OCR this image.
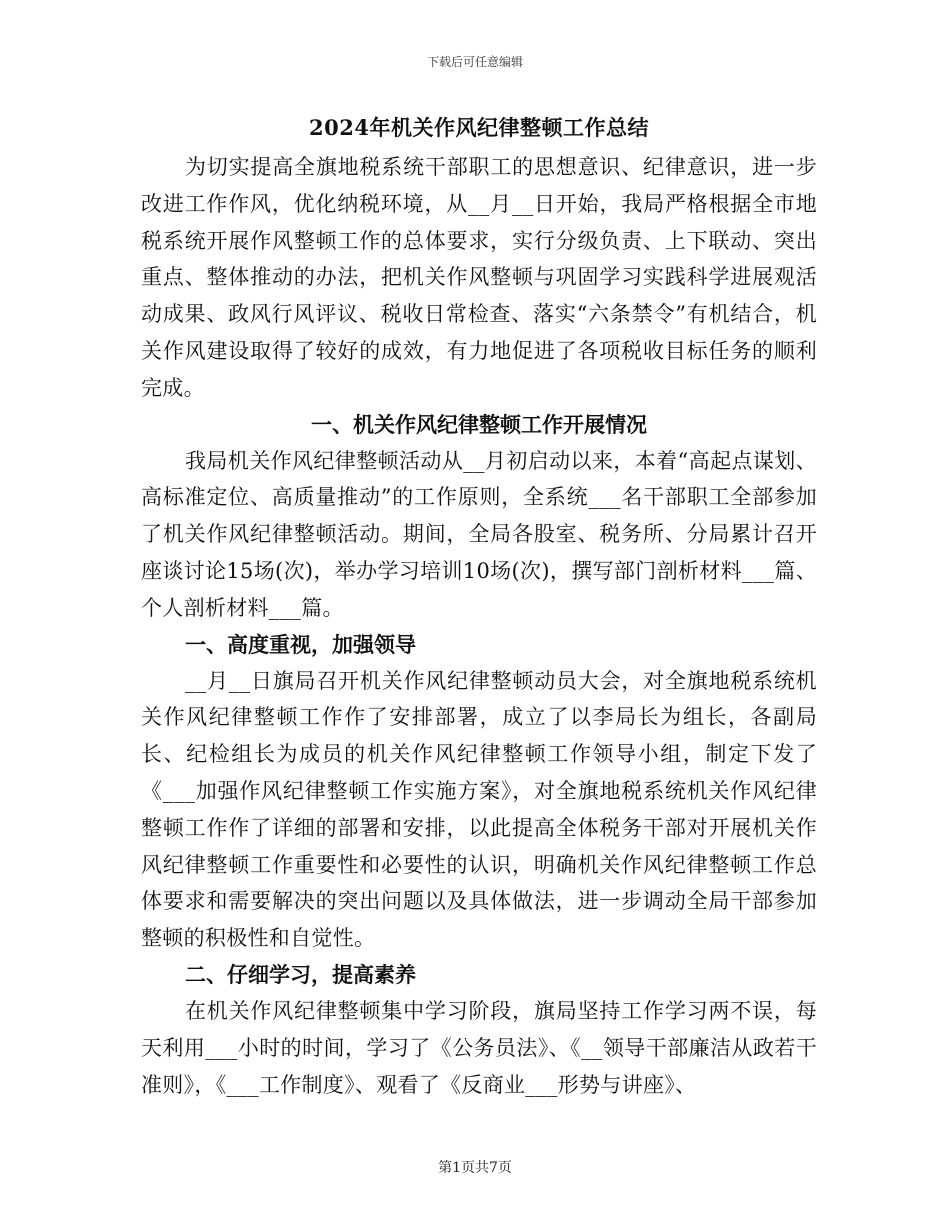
下载后可任意编辑
2024年机关作风纪律整顿工作总结

为切实提高全旗地税系统干部职工的思想意识、纪律意识，进一步改进工作作风，优化纳税环境，从__月__日开始，我局严格根据全市地税系统开展作风整顿工作的总体要求，实行分级负责、上下联动、突出重点、整体推动的办法，把机关作风整顿与巩固学习实践科学进展观活动成果、政风行风评议、税收日常检查、落实“六条禁令”有机结合，机关作风建设取得了较好的成效，有力地促进了各项税收目标任务的顺利完成。

一、机关作风纪律整顿工作开展情况

我局机关作风纪律整顿活动从__月初启动以来，本着“高起点谋划、高标准定位、高质量推动”的工作原则，全系统___名干部职工全部参加了机关作风纪律整顿活动。期间，全局各股室、税务所、分局累计召开座谈讨论15场(次)，举办学习培训10场(次)，撰写部门剖析材料___篇、个人剖析材料___篇。

一、高度重视，加强领导

__月__日旗局召开机关作风纪律整顿动员大会，对全旗地税系统机关作风纪律整顿工作作了安排部署，成立了以李局长为组长，各副局长、纪检组长为成员的机关作风纪律整顿工作领导小组，制定下发了《___加强作风纪律整顿工作实施方案》，对全旗地税系统机关作风纪律整顿工作作了详细的部署和安排，以此提高全体税务干部对开展机关作风纪律整顿工作重要性和必要性的认识，明确机关作风纪律整顿工作总体要求和需要解决的突出问题以及具体做法，进一步调动全局干部参加整顿的积极性和自觉性。

二、仔细学习，提高素养

在机关作风纪律整顿集中学习阶段，旗局坚持工作学习两不误，每天利用___小时的时间，学习了《公务员法》、《__领导干部廉洁从政若干准则》，《___工作制度》、观看了《反商业___形势与讲座》、

第1页共7页
